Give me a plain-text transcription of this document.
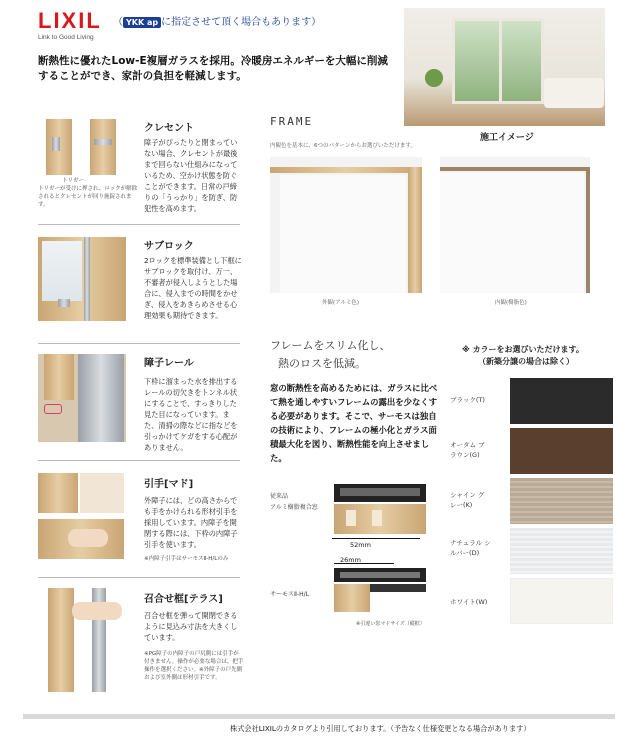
LIXIL
Link to Good Living
（ YKK ap に指定させて頂く場合もあります）
断熱性に優れたLow-E複層ガラスを採用。冷暖房エネルギーを大幅に削減することができ、家計の負担を軽減します。
施工イメージ
トリガー
トリガーが受けに押され、ロックが解除されるとクレセントが回り施錠されます。
クレセント
障子がぴったりと閉まっていない場合、クレセントが最後まで回らない仕組みになっているため、空かけ状態を防ぐことができます。日常の戸締りの「うっかり」を防ぎ、防犯性を高めます。
サブロック
2ロックを標準装備とし下框にサブロックを取付け、万一、不審者が侵入しようとした場合に、侵入までの時間をかせぎ、侵入をあきらめさせる心理効果も期待できます。
障子レール
下枠に溜まった水を排出するレールの切欠きをトンネル状にすることで、すっきりした見た目になっています。また、清掃の際などに指などを引っかけてケガをする心配がありません。
引手[マド]
外障子には、どの高さからでも手をかけられる形材引手を採用しています。内障子を開閉する際には、下枠の内障子引手を使います。
※内障子引手はサーモスⅡ-H/Lのみ
召合せ框[テラス]
召合せ框を弾って開閉できるように見込み寸法を大きくしています。
※PG障子の内障子の戸尻側には引手が付きません。操作が必要な場合は、把手操作を選択ください。※外障子の戸先側および室外側は形材引手です。
FRAME
内観色を基本に、6つのパターンからお選びいただけます。
外観(アルミ色)	内観(樹脂色)
フレームをスリム化し、
熱のロスを低減。
窓の断熱性を高めるためには、ガラスに比べて熱を通しやすいフレームの露出を少なくする必要があります。そこで、サーモスは独自の技術により、フレームの極小化とガラス面積最大化を図り、断熱性能を向上させました。
従来品
アルミ樹脂複合窓
サーモスⅡ-H/L
52mm
26mm
※引違い窓マドサイズ（縦框）
※ カラーをお選びいただけます。
（新築分譲の場合は除く）
ブラック(T)
オータム ブラウン(G)
シャイン グレー(K)
ナチュラル シルバー(D)
ホワイト(W)
株式会社LIXILのカタログより引用しております。（予告なく仕様変更となる場合があります）
